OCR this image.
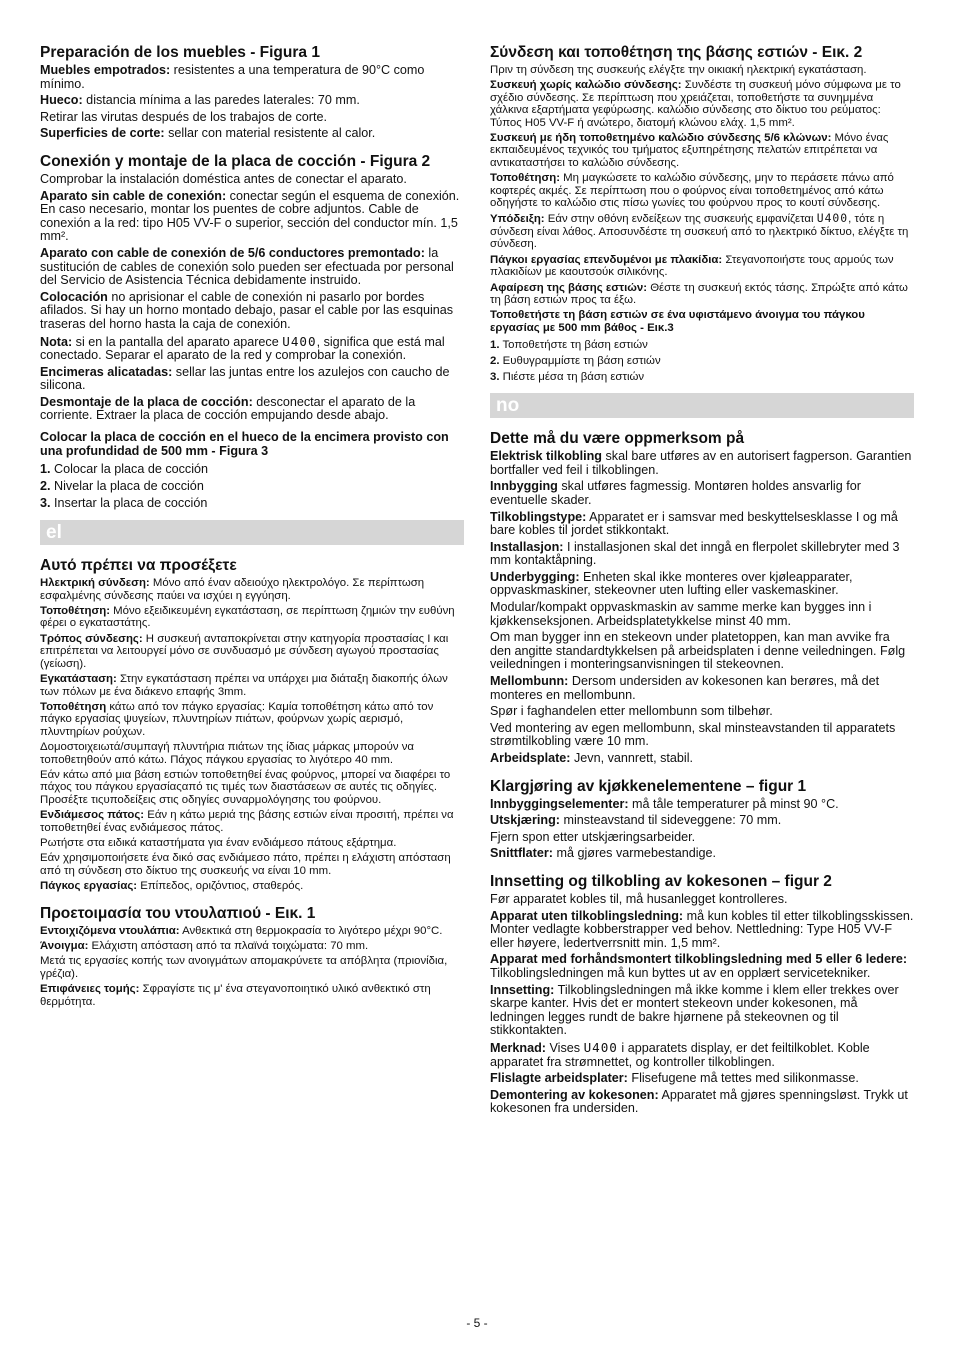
Preparación de los muebles - Figura 1

Muebles empotrados: resistentes a una temperatura de 90°C como mínimo.

Hueco: distancia mínima a las paredes laterales: 70 mm.

Retirar las virutas después de los trabajos de corte.

Superficies de corte: sellar con material resistente al calor.

Conexión y montaje de la placa de cocción - Figura 2

Comprobar la instalación doméstica antes de conectar el aparato.

Aparato sin cable de conexión: conectar según el esquema de conexión. En caso necesario, montar los puentes de cobre adjuntos. Cable de conexión a la red: tipo H05 VV-F o superior, sección del conductor mín. 1,5 mm².

Aparato con cable de conexión de 5/6 conductores premontado: la sustitución de cables de conexión solo pueden ser efectuada por personal del Servicio de Asistencia Técnica debidamente instruido.

Colocación no aprisionar el cable de conexión ni pasarlo por bordes afilados. Si hay un horno montado debajo, pasar el cable por las esquinas traseras del horno hasta la caja de conexión.

Nota: si en la pantalla del aparato aparece U400, significa que está mal conectado. Separar el aparato de la red y comprobar la conexión.

Encimeras alicatadas: sellar las juntas entre los azulejos con caucho de silicona.

Desmontaje de la placa de cocción: desconectar el aparato de la corriente. Extraer la placa de cocción empujando desde abajo.

Colocar la placa de cocción en el hueco de la encimera provisto con una profundidad de 500 mm - Figura 3

1. Colocar la placa de cocción
2. Nivelar la placa de cocción
3. Insertar la placa de cocción
el
Αυτό πρέπει να προσέξετε

Ηλεκτρική σύνδεση: Μόνο από έναν αδειούχο ηλεκτρολόγο. Σε περίπτωση εσφαλμένης σύνδεσης παύει να ισχύει η εγγύηση.

Τοποθέτηση: Μόνο εξειδικευμένη εγκατάσταση, σε περίπτωση ζημιών την ευθύνη φέρει ο εγκαταστάτης.

Τρόπος σύνδεσης: Η συσκευή ανταποκρίνεται στην κατηγορία προστασίας I και επιτρέπεται να λειτουργεί μόνο σε συνδυασμό με σύνδεση αγωγού προστασίας (γείωση).

Εγκατάσταση: Στην εγκατάσταση πρέπει να υπάρχει μια διάταξη διακοπής όλων των πόλων με ένα διάκενο επαφής 3mm.

Τοποθέτηση κάτω από τον πάγκο εργασίας: Καμία τοποθέτηση κάτω από τον πάγκο εργασίας ψυγείων, πλυντηρίων πιάτων, φούρνων χωρίς αερισμό, πλυντηρίων ρούχων.

Δομοστοιχειωτά/συμπαγή πλυντήρια πιάτων της ίδιας μάρκας μπορούν να τοποθετηθούν από κάτω. Πάχος πάγκου εργασίας το λιγότερο 40 mm.

Εάν κάτω από μια βάση εστιών τοποθετηθεί ένας φούρνος, μπορεί να διαφέρει το πάχος του πάγκου εργασίαςαπό τις τιμές των διαστάσεων σε αυτές τις οδηγίες. Προσέξτε τιςυποδείξεις στις οδηγίες συναρμολόγησης του φούρνου.

Ενδιάμεσος πάτος: Εάν η κάτω μεριά της βάσης εστιών είναι προσιτή, πρέπει να τοποθετηθεί ένας ενδιάμεσος πάτος.

Ρωτήστε στα ειδικά καταστήματα για έναν ενδιάμεσο πάτους εξάρτημα.

Εάν χρησιμοποιήσετε ένα δικό σας ενδιάμεσο πάτο, πρέπει η ελάχιστη απόσταση από τη σύνδεση στο δίκτυο της συσκευής να είναι 10 mm.

Πάγκος εργασίας: Επίπεδος, οριζόντιος, σταθερός.

Προετοιμασία του ντουλαπιού - Εικ. 1

Εντοιχιζόμενα ντουλάπια: Ανθεκτικά στη θερμοκρασία το λιγότερο μέχρι 90°C.

Άνοιγμα: Ελάχιστη απόσταση από τα πλαϊνά τοιχώματα: 70 mm.

Μετά τις εργασίες κοπής των ανοιγμάτων απομακρύνετε τα απόβλητα (πριονίδια, γρέζια).

Επιφάνειες τομής: Σφραγίστε τις μ' ένα στεγανοποιητικό υλικό ανθεκτικό στη θερμότητα.

Σύνδεση και τοποθέτηση της βάσης εστιών - Εικ. 2

Πριν τη σύνδεση της συσκευής ελέγξτε την οικιακή ηλεκτρική εγκατάσταση.

Συσκευή χωρίς καλώδιο σύνδεσης: Συνδέστε τη συσκευή μόνο σύμφωνα με το σχέδιο σύνδεσης. Σε περίπτωση που χρειάζεται, τοποθετήστε τα συνημμένα χάλκινα εξαρτήματα γεφύρωσης. καλώδιο σύνδεσης στο δίκτυο του ρεύματος: Τύπος H05 VV-F ή ανώτερο, διατομή κλώνου ελάχ. 1,5 mm².

Συσκευή με ήδη τοποθετημένο καλώδιο σύνδεσης 5/6 κλώνων: Μόνο ένας εκπαιδευμένος τεχνικός του τμήματος εξυπηρέτησης πελατών επιτρέπεται να αντικαταστήσει το καλώδιο σύνδεσης.

Τοποθέτηση: Μη μαγκώσετε το καλώδιο σύνδεσης, μην το περάσετε πάνω από κοφτερές ακμές. Σε περίπτωση που ο φούρνος είναι τοποθετημένος από κάτω οδηγήστε το καλώδιο στις πίσω γωνίες του φούρνου προς το κουτί σύνδεσης.

Υπόδειξη: Εάν στην οθόνη ενδείξεων της συσκευής εμφανίζεται U400, τότε η σύνδεση είναι λάθος. Αποσυνδέστε τη συσκευή από το ηλεκτρικό δίκτυο, ελέγξτε τη σύνδεση.

Πάγκοι εργασίας επενδυμένοι με πλακίδια: Στεγανοποιήστε τους αρμούς των πλακιδίων με καουτσούκ σιλικόνης.

Αφαίρεση της βάσης εστιών: Θέστε τη συσκευή εκτός τάσης. Σπρώξτε από κάτω τη βάση εστιών προς τα έξω.

Τοποθετήστε τη βάση εστιών σε ένα υφιστάμενο άνοιγμα του πάγκου εργασίας με 500 mm βάθος - Εικ.3

1. Τοποθετήστε τη βάση εστιών
2. Ευθυγραμμίστε τη βάση εστιών
3. Πιέστε μέσα τη βάση εστιών
no
Dette må du være oppmerksom på

Elektrisk tilkobling skal bare utføres av en autorisert fagperson. Garantien bortfaller ved feil i tilkoblingen.

Innbygging skal utføres fagmessig. Montøren holdes ansvarlig for eventuelle skader.

Tilkoblingstype: Apparatet er i samsvar med beskyttelsesklasse I og må bare kobles til jordet stikkontakt.

Installasjon: I installasjonen skal det inngå en flerpolet skillebryter med 3 mm kontaktåpning.

Underbygging: Enheten skal ikke monteres over kjøleapparater, oppvaskmaskiner, stekeovner uten lufting eller vaskemaskiner.

Modular/kompakt oppvaskmaskin av samme merke kan bygges inn i kjøkkenseksjonen. Arbeidsplatetykkelse minst 40 mm.

Om man bygger inn en stekeovn under platetoppen, kan man avvike fra den angitte standardtykkelsen på arbeidsplaten i denne veiledningen. Følg veiledningen i monteringsanvisningen til stekeovnen.

Mellombunn: Dersom undersiden av kokesonen kan berøres, må det monteres en mellombunn.

Spør i faghandelen etter mellombunn som tilbehør.

Ved montering av egen mellombunn, skal minsteavstanden til apparatets strømtilkobling være 10 mm.

Arbeidsplate: Jevn, vannrett, stabil.

Klargjøring av kjøkkenelementene – figur 1

Innbyggingselementer: må tåle temperaturer på minst 90 °C.

Utskjæring: minsteavstand til sideveggene: 70 mm.

Fjern spon etter utskjæringsarbeider.

Snittflater: må gjøres varmebestandige.

Innsetting og tilkobling av kokesonen – figur 2

Før apparatet kobles til, må husanlegget kontrolleres.

Apparat uten tilkoblingsledning: må kun kobles til etter tilkoblingsskissen. Monter vedlagte kobberstrapper ved behov. Nettledning: Type H05 VV-F eller høyere, ledertverrsnitt min. 1,5 mm².

Apparat med forhåndsmontert tilkoblingsledning med 5 eller 6 ledere: Tilkoblingsledningen må kun byttes ut av en opplært servicetekniker.

Innsetting: Tilkoblingsledningen må ikke komme i klem eller trekkes over skarpe kanter. Hvis det er montert stekeovn under kokesonen, må ledningen legges rundt de bakre hjørnene på stekeovnen og til stikkontakten.

Merknad: Vises U400 i apparatets display, er det feiltilkoblet. Koble apparatet fra strømnettet, og kontroller tilkoblingen.

Flislagte arbeidsplater: Flisefugene må tettes med silikonmasse.

Demontering av kokesonen: Apparatet må gjøres spenningsløst. Trykk ut kokesonen fra undersiden.

- 5 -
